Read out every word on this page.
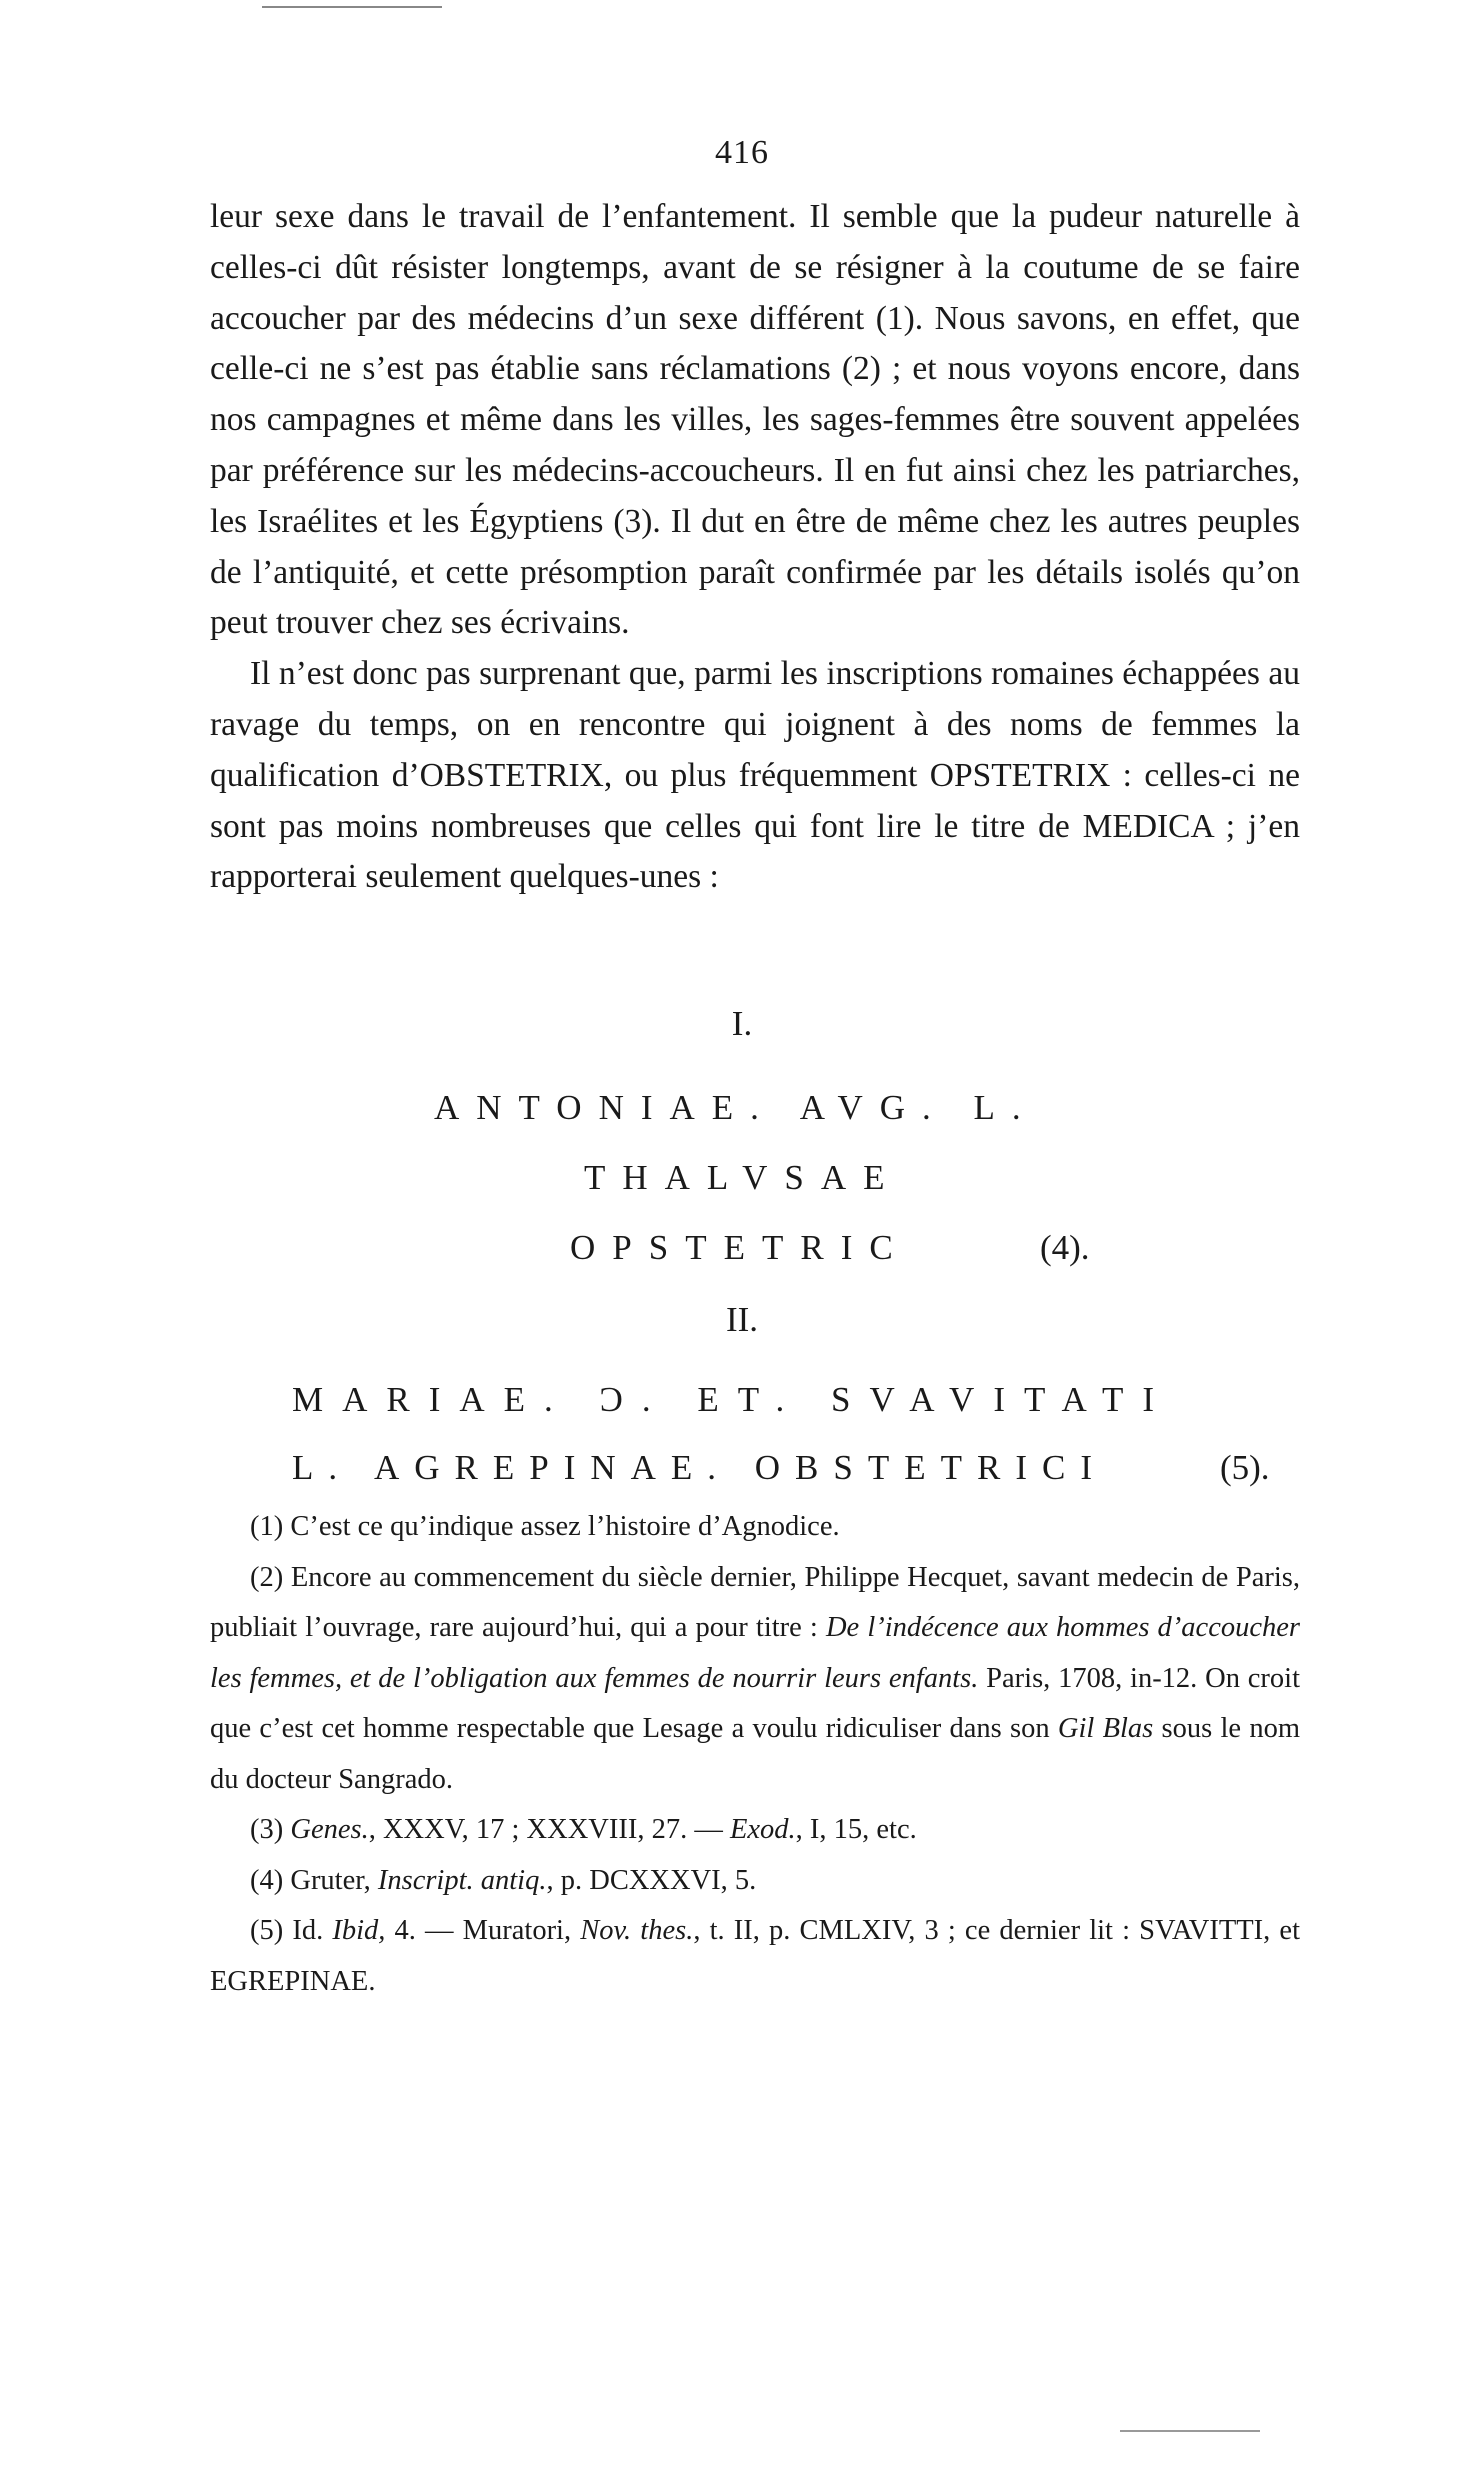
416

leur sexe dans le travail de l’enfantement. Il semble que la pudeur naturelle à celles-ci dût résister longtemps, avant de se résigner à la coutume de se faire accoucher par des médecins d’un sexe différent (1). Nous savons, en effet, que celle-ci ne s’est pas établie sans réclamations (2) ; et nous voyons encore, dans nos campagnes et même dans les villes, les sages-femmes être souvent appelées par préférence sur les médecins-accoucheurs. Il en fut ainsi chez les patriarches, les Israélites et les Égyptiens (3). Il dut en être de même chez les autres peuples de l’antiquité, et cette présomption paraît confirmée par les détails isolés qu’on peut trouver chez ses écrivains.

Il n’est donc pas surprenant que, parmi les inscriptions romaines échappées au ravage du temps, on en rencontre qui joignent à des noms de femmes la qualification d’OBSTETRIX, ou plus fréquemment OPSTETRIX : celles-ci ne sont pas moins nombreuses que celles qui font lire le titre de MEDICA ; j’en rapporterai seulement quelques-unes :

I.
ANTONIAE. AVG. L.
THALVSAE
OPSTETRIC	(4).
II.
MARIAE. Ɔ. ET. SVAVITATI
L. AGREPINAE. OBSTETRICI	(5).

(1) C’est ce qu’indique assez l’histoire d’Agnodice.

(2) Encore au commencement du siècle dernier, Philippe Hecquet, savant medecin de Paris, publiait l’ouvrage, rare aujourd’hui, qui a pour titre : De l’indécence aux hommes d’accoucher les femmes, et de l’obligation aux femmes de nourrir leurs enfants. Paris, 1708, in-12. On croit que c’est cet homme respectable que Lesage a voulu ridiculiser dans son Gil Blas sous le nom du docteur Sangrado.

(3) Genes., XXXV, 17 ; XXXVIII, 27. — Exod., I, 15, etc.

(4) Gruter, Inscript. antiq., p. DCXXXVI, 5.

(5) Id. Ibid, 4. — Muratori, Nov. thes., t. II, p. CMLXIV, 3 ; ce dernier lit : SVAVITTI, et EGREPINAE.
